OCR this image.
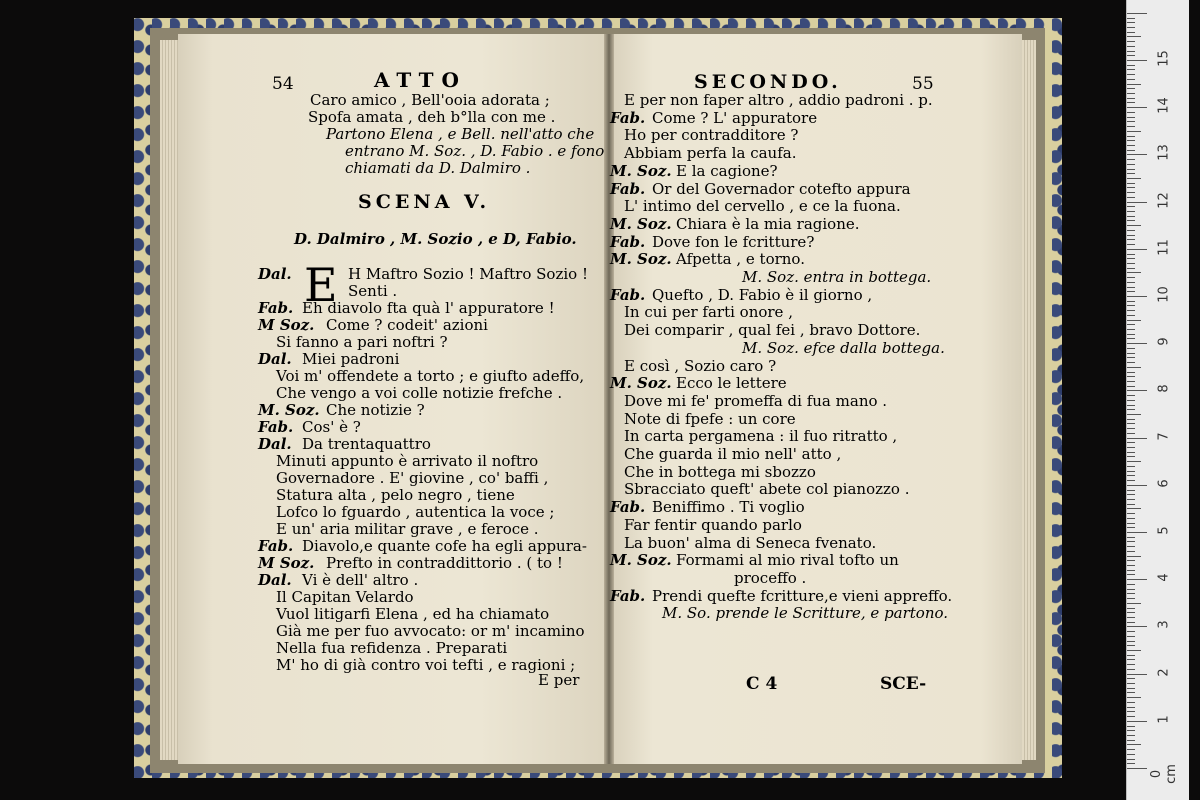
54	ATTO
Caro amico , Bell'ooia adorata ;
Spofa amata , deh b°lla con me .
Partono Elena , e Bell. nell'atto che
entrano M. Soz. , D. Fabio . e fono
chiamati da D. Dalmiro .
SCENA V.
D. Dalmiro , M. Sozio , e D, Fabio.
E
Dal.	H Maftro Sozio ! Maftro Sozio !
Senti .
Fab. Eh diavolo fta quà l' appuratore !
M Soz. Come ? codeit' azioni
Si fanno a pari noftri ?
Dal. Miei padroni
Voi m' offendete a torto ; e giufto adeffo,
Che vengo a voi colle notizie frefche .
M. Soz. Che notizie ?
Fab. Cos' è ?
Dal. Da trentaquattro
Minuti appunto è arrivato il noftro
Governadore . E' giovine , co' baffi ,
Statura alta , pelo negro , tiene
Lofco lo fguardo , autentica la voce ;
E un' aria militar grave , e feroce .
Fab. Diavolo,e quante cofe ha egli appura-
M Soz. Prefto in contraddittorio . ( to !
Dal. Vi è dell' altro .
Il Capitan Velardo
Vuol litigarfi Elena , ed ha chiamato
Già me per fuo avvocato: or m' incamino
Nella fua refidenza . Preparati
M' ho di già contro voi tefti , e ragioni ;
E per
SECONDO.	55
E per non faper altro , addio padroni . p.
Fab. Come ? L' appuratore
Ho per contradditore ?
Abbiam perfa la caufa.
M. Soz. E la cagione?
Fab. Or del Governador cotefto appura
L' intimo del cervello , e ce la fuona.
M. Soz. Chiara è la mia ragione.
Fab. Dove fon le fcritture?
M. Soz. Afpetta , e torno.
M. Soz. entra in bottega.
Fab. Quefto , D. Fabio è il giorno ,
In cui per farti onore ,
Dei comparir , qual fei , bravo Dottore.
M. Soz. efce dalla bottega.
E così , Sozio caro ?
M. Soz. Ecco le lettere
Dove mi fe' promeffa di fua mano .
Note di fpefe : un core
In carta pergamena : il fuo ritratto ,
Che guarda il mio nell' atto ,
Che in bottega mi sbozzo
Sbracciato queft' abete col pianozzo .
Fab. Beniffimo . Ti voglio
Far fentir quando parlo
La buon' alma di Seneca fvenato.
M. Soz. Formami al mio rival tofto un
proceffo .
Fab. Prendi quefte fcritture,e vieni appreffo.
M. So. prende le Scritture, e partono.
C 4	SCE-
0 cm
1
2
3
4
5
6
7
8
9
10
11
12
13
14
15
